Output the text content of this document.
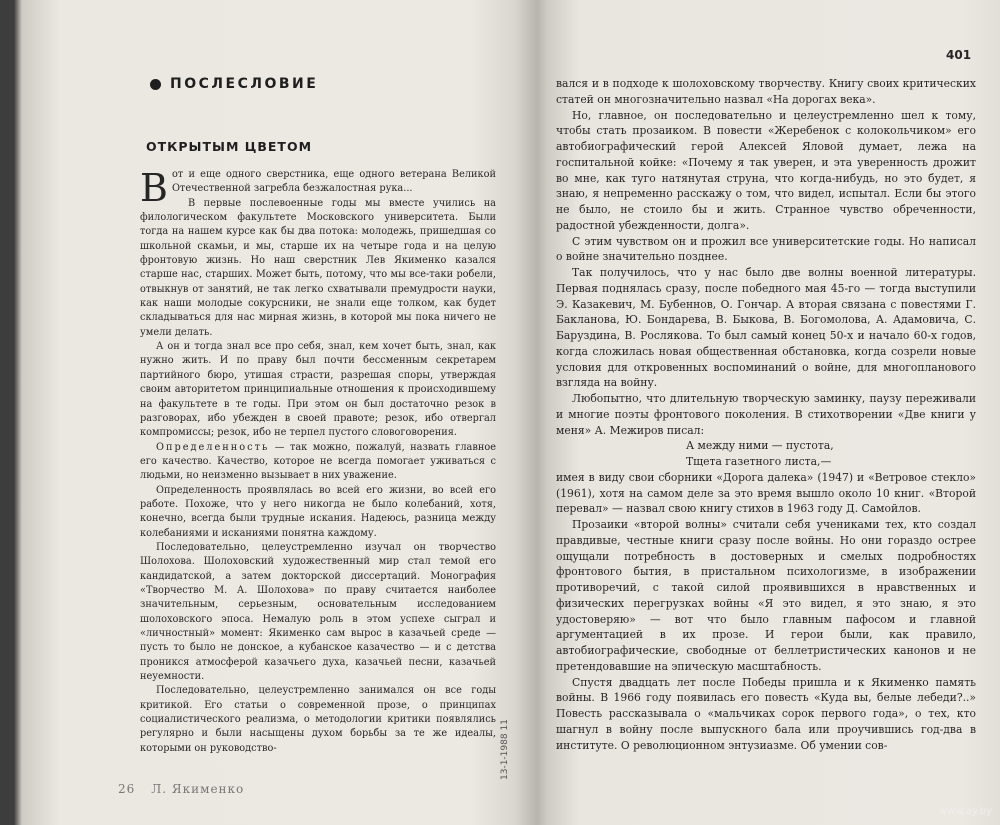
ПОСЛЕСЛОВИЕ
ОТКРЫТЫМ ЦВЕТОМ

Вот и еще одного сверстника, еще одного ветерана Великой Отечественной загребла безжалостная рука...

В первые послевоенные годы мы вместе учились на филологическом факультете Московского университета. Были тогда на нашем курсе как бы два потока: молодежь, пришедшая со школьной скамьи, и мы, старше их на четыре года и на целую фронтовую жизнь. Но наш сверстник Лев Якименко казался старше нас, старших. Может быть, потому, что мы все-таки робели, отвыкнув от занятий, не так легко схватывали премудрости науки, как наши молодые сокурсники, не знали еще толком, как будет складываться для нас мирная жизнь, в которой мы пока ничего не умели делать.

А он и тогда знал все про себя, знал, кем хочет быть, знал, как нужно жить. И по праву был почти бессменным секретарем партийного бюро, утишая страсти, разрешая споры, утверждая своим авторитетом принципиальные отношения к происходившему на факультете в те годы. При этом он был достаточно резок в разговорах, ибо убежден в своей правоте; резок, ибо отвергал компромиссы; резок, ибо не терпел пустого словоговорения.

Определенность — так можно, пожалуй, назвать главное его качество. Качество, которое не всегда помогает уживаться с людьми, но неизменно вызывает в них уважение.

Определенность проявлялась во всей его жизни, во всей его работе. Похоже, что у него никогда не было колебаний, хотя, конечно, всегда были трудные искания. Надеюсь, разница между колебаниями и исканиями понятна каждому.

Последовательно, целеустремленно изучал он творчество Шолохова. Шолоховский художественный мир стал темой его кандидатской, а затем докторской диссертаций. Монография «Творчество М. А. Шолохова» по праву считается наиболее значительным, серьезным, основательным исследованием шолоховского эпоса. Немалую роль в этом успехе сыграл и «личностный» момент: Якименко сам вырос в казачьей среде — пусть то было не донское, а кубанское казачество — и с детства проникся атмосферой казачьего духа, казачьей песни, казачьей неуемности.

Последовательно, целеустремленно занимался он все годы критикой. Его статьи о современной прозе, о принципах социалистического реализма, о методологии критики появлялись регулярно и были насыщены духом борьбы за те же идеалы, которыми он руководство-	13-1-1988 11
26 Л. Якименко
401

вался и в подходе к шолоховскому творчеству. Книгу своих критических статей он многозначительно назвал «На дорогах века».

Но, главное, он последовательно и целеустремленно шел к тому, чтобы стать прозаиком. В повести «Жеребенок с колокольчиком» его автобиографический герой Алексей Яловой думает, лежа на госпитальной койке: «Почему я так уверен, и эта уверенность дрожит во мне, как туго натянутая струна, что когда-нибудь, но это будет, я знаю, я непременно расскажу о том, что видел, испытал. Если бы этого не было, не стоило бы и жить. Странное чувство обреченности, радостной убежденности, долга».

С этим чувством он и прожил все университетские годы. Но написал о войне значительно позднее.

Так получилось, что у нас было две волны военной литературы. Первая поднялась сразу, после победного мая 45-го — тогда выступили Э. Казакевич, М. Бубеннов, О. Гончар. А вторая связана с повестями Г. Бакланова, Ю. Бондарева, В. Быкова, В. Богомолова, А. Адамовича, С. Баруздина, В. Рослякова. То был самый конец 50-х и начало 60-х годов, когда сложилась новая общественная обстановка, когда созрели новые условия для откровенных воспоминаний о войне, для многопланового взгляда на войну.

Любопытно, что длительную творческую заминку, паузу переживали и многие поэты фронтового поколения. В стихотворении «Две книги у меня» А. Межиров писал:

А между ними — пустота,

Тщета газетного листа,—

имея в виду свои сборники «Дорога далека» (1947) и «Ветровое стекло» (1961), хотя на самом деле за это время вышло около 10 книг. «Второй перевал» — назвал свою книгу стихов в 1963 году Д. Самойлов.

Прозаики «второй волны» считали себя учениками тех, кто создал правдивые, честные книги сразу после войны. Но они гораздо острее ощущали потребность в достоверных и смелых подробностях фронтового бытия, в пристальном психологизме, в изображении противоречий, с такой силой проявившихся в нравственных и физических перегрузках войны «Я это видел, я это знаю, я это удостоверяю» — вот что было главным пафосом и главной аргументацией в их прозе. И герои были, как правило, автобиографические, свободные от беллетристических канонов и не претендовавшие на эпическую масштабность.

Спустя двадцать лет после Победы пришла и к Якименко память войны. В 1966 году появилась его повесть «Куда вы, белые лебеди?..» Повесть рассказывала о «мальчиках сорок первого года», о тех, кто шагнул в войну после выпускного бала или проучившись год-два в институте. О революционном энтузиазме. Об умении сов-

www.ay.by
